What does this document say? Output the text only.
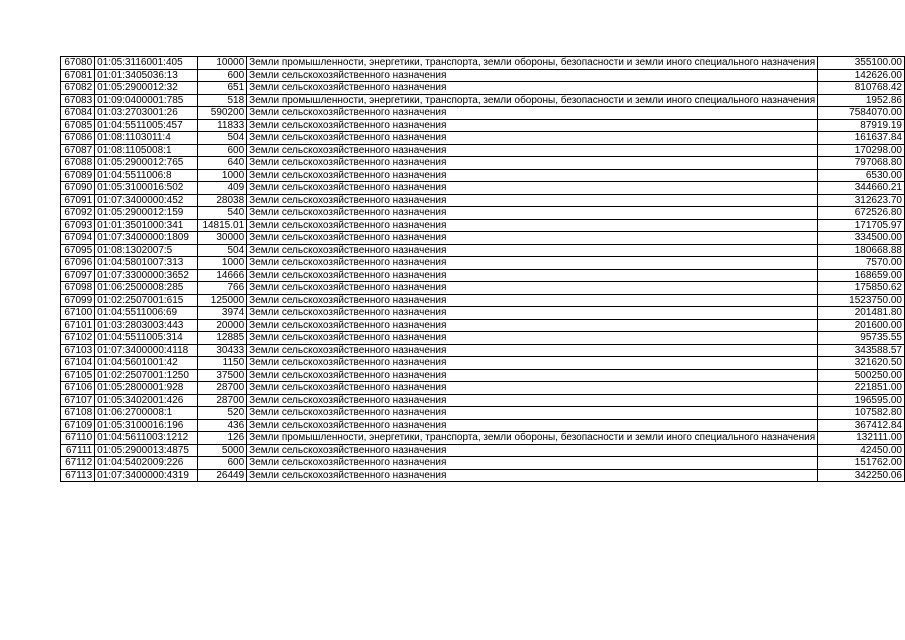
67080	01:05:3116001:405	10000	Земли промышленности, энергетики, транспорта, земли обороны, безопасности и земли иного специального назначения	355100.00
67081	01:01:3405036:13	600	Земли сельскохозяйственного назначения	142626.00
67082	01:05:2900012:32	651	Земли сельскохозяйственного назначения	810768.42
67083	01:09:0400001:785	518	Земли промышленности, энергетики, транспорта, земли обороны, безопасности и земли иного специального назначения	1952.86
67084	01:03:2703001:26	590200	Земли сельскохозяйственного назначения	7584070.00
67085	01:04:5511005:457	11833	Земли сельскохозяйственного назначения	87919.19
67086	01:08:1103011:4	504	Земли сельскохозяйственного назначения	161637.84
67087	01:08:1105008:1	600	Земли сельскохозяйственного назначения	170298.00
67088	01:05:2900012:765	640	Земли сельскохозяйственного назначения	797068.80
67089	01:04:5511006:8	1000	Земли сельскохозяйственного назначения	6530.00
67090	01:05:3100016:502	409	Земли сельскохозяйственного назначения	344660.21
67091	01:07:3400000:452	28038	Земли сельскохозяйственного назначения	312623.70
67092	01:05:2900012:159	540	Земли сельскохозяйственного назначения	672526.80
67093	01:01:3501000:341	14815.01	Земли сельскохозяйственного назначения	171705.97
67094	01:07:3400000:1809	30000	Земли сельскохозяйственного назначения	334500.00
67095	01:08:1302007:5	504	Земли сельскохозяйственного назначения	180668.88
67096	01:04:5801007:313	1000	Земли сельскохозяйственного назначения	7570.00
67097	01:07:3300000:3652	14666	Земли сельскохозяйственного назначения	168659.00
67098	01:06:2500008:285	766	Земли сельскохозяйственного назначения	175850.62
67099	01:02:2507001:615	125000	Земли сельскохозяйственного назначения	1523750.00
67100	01:04:5511006:69	3974	Земли сельскохозяйственного назначения	201481.80
67101	01:03:2803003:443	20000	Земли сельскохозяйственного назначения	201600.00
67102	01:04:5511005:314	12885	Земли сельскохозяйственного назначения	95735.55
67103	01:07:3400000:4118	30433	Земли сельскохозяйственного назначения	343588.57
67104	01:04:5601001:42	1150	Земли сельскохозяйственного назначения	321620.50
67105	01:02:2507001:1250	37500	Земли сельскохозяйственного назначения	500250.00
67106	01:05:2800001:928	28700	Земли сельскохозяйственного назначения	221851.00
67107	01:05:3402001:426	28700	Земли сельскохозяйственного назначения	196595.00
67108	01:06:2700008:1	520	Земли сельскохозяйственного назначения	107582.80
67109	01:05:3100016:196	436	Земли сельскохозяйственного назначения	367412.84
67110	01:04:5611003:1212	126	Земли промышленности, энергетики, транспорта, земли обороны, безопасности и земли иного специального назначения	132111.00
67111	01:05:2900013:4875	5000	Земли сельскохозяйственного назначения	42450.00
67112	01:04:5402009:226	600	Земли сельскохозяйственного назначения	151762.00
67113	01:07:3400000:4319	26449	Земли сельскохозяйственного назначения	342250.06
